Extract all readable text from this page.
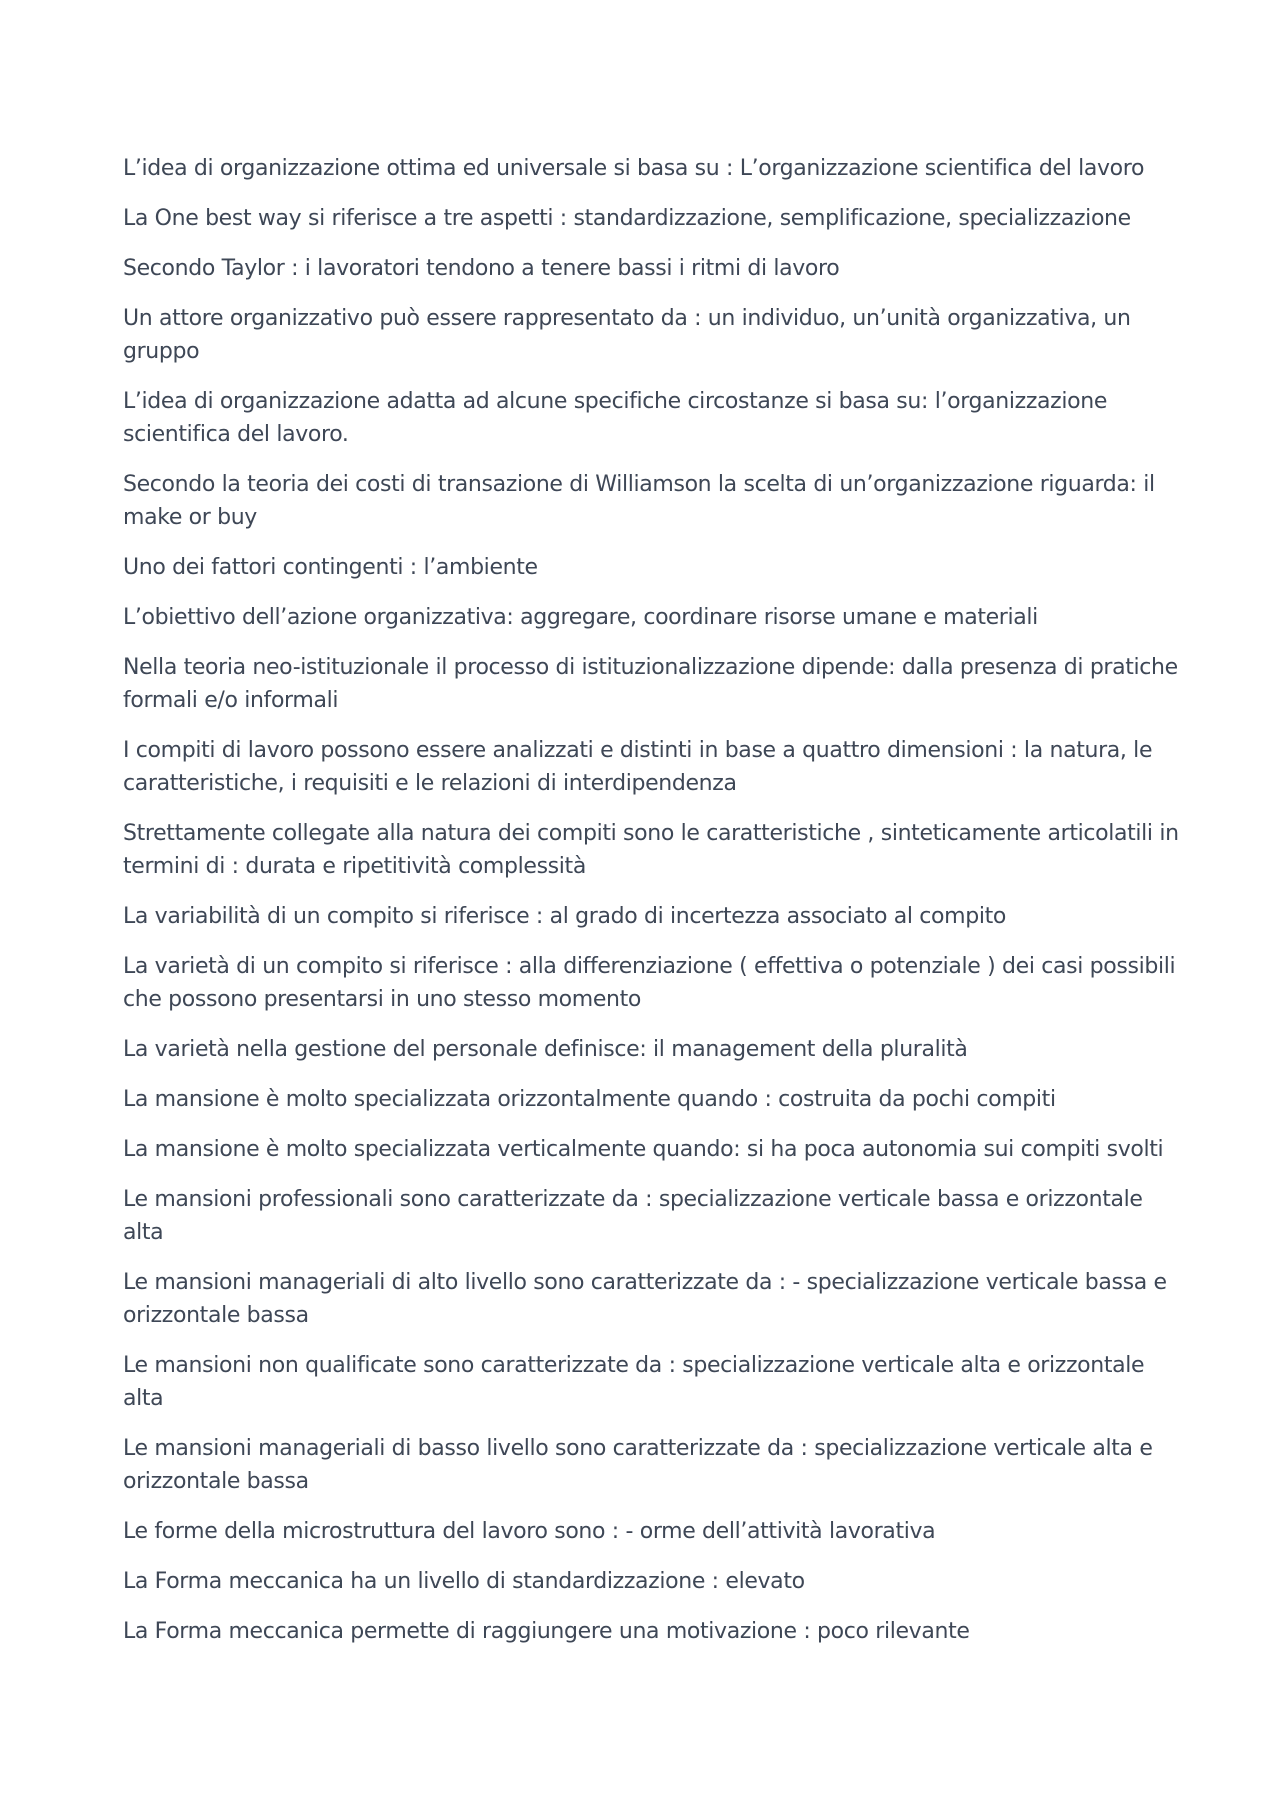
L’idea di organizzazione ottima ed universale si basa su : L’organizzazione scientifica del lavoro

La One best way si riferisce a tre aspetti : standardizzazione, semplificazione, specializzazione

Secondo Taylor : i lavoratori tendono a tenere bassi i ritmi di lavoro

Un attore organizzativo può essere rappresentato da : un individuo, un’unità organizzativa, un gruppo

L’idea di organizzazione adatta ad alcune specifiche circostanze si basa su: l’organizzazione scientifica del lavoro.

Secondo la teoria dei costi di transazione di Williamson la scelta di un’organizzazione riguarda: il make or buy

Uno dei fattori contingenti : l’ambiente

L’obiettivo dell’azione organizzativa: aggregare, coordinare risorse umane e materiali

Nella teoria neo-istituzionale il processo di istituzionalizzazione dipende: dalla presenza di pratiche formali e/o informali

I compiti di lavoro possono essere analizzati e distinti in base a quattro dimensioni : la natura, le caratteristiche, i requisiti e le relazioni di interdipendenza

Strettamente collegate alla natura dei compiti sono le caratteristiche , sinteticamente articolatili in termini di : durata e ripetitività complessità

La variabilità di un compito si riferisce : al grado di incertezza associato al compito

La varietà di un compito si riferisce : alla differenziazione ( effettiva o potenziale ) dei casi possibili che possono presentarsi in uno stesso momento

La varietà nella gestione del personale definisce: il management della pluralità

La mansione è molto specializzata orizzontalmente quando : costruita da pochi compiti

La mansione è molto specializzata verticalmente quando: si ha poca autonomia sui compiti svolti

Le mansioni professionali sono caratterizzate da : specializzazione verticale bassa e orizzontale alta

Le mansioni manageriali di alto livello sono caratterizzate da : - specializzazione verticale bassa e orizzontale bassa

Le mansioni non qualificate sono caratterizzate da : specializzazione verticale alta e orizzontale alta

Le mansioni manageriali di basso livello sono caratterizzate da : specializzazione verticale alta e orizzontale bassa

Le forme della microstruttura del lavoro sono : - orme dell’attività lavorativa

La Forma meccanica ha un livello di standardizzazione : elevato

La Forma meccanica permette di raggiungere una motivazione : poco rilevante
